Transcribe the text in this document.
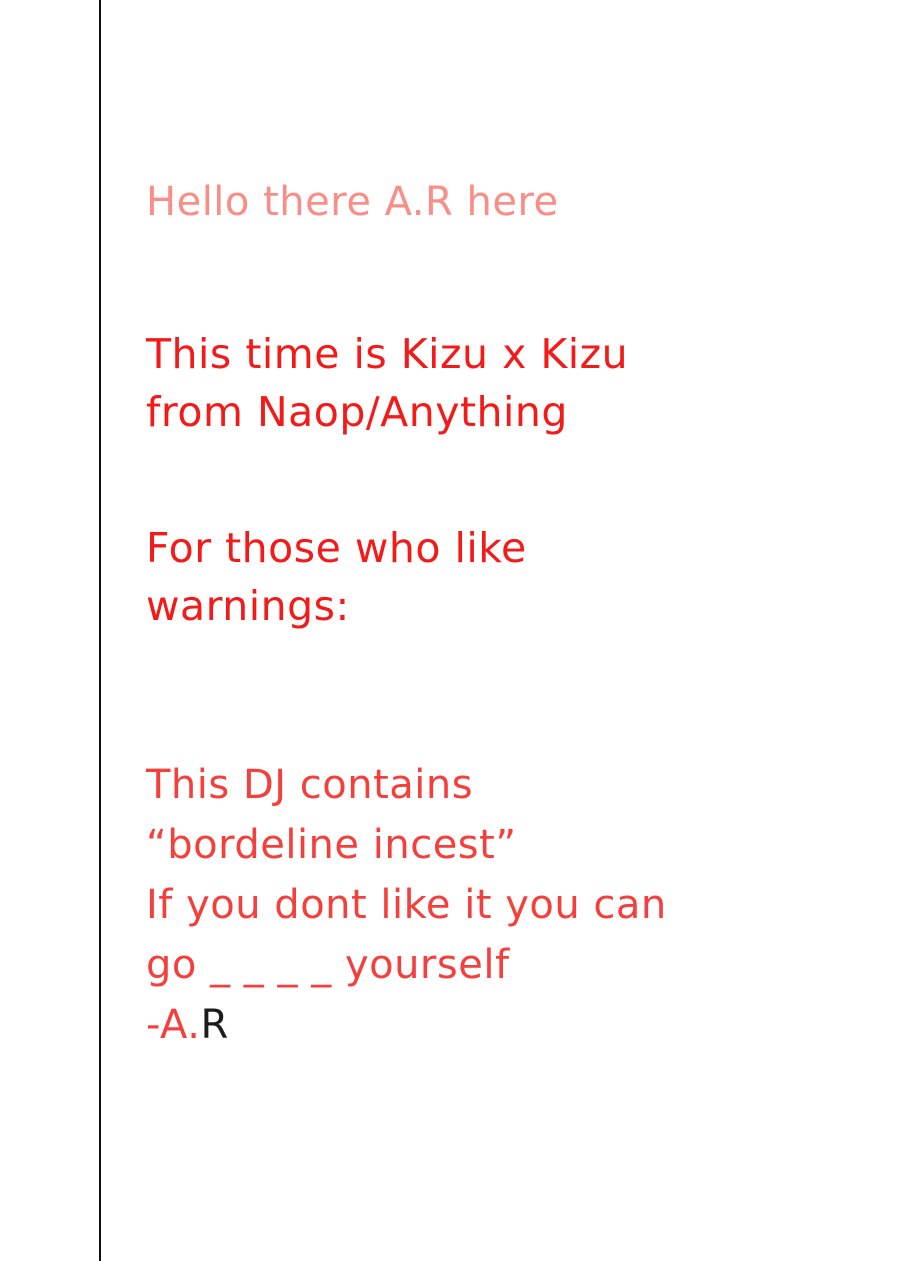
Hello there A.R here

This time is Kizu x Kizu

from Naop/Anything

For those who like

warnings:

This DJ contains

“bordeline incest”

If you dont like it you can

go _ _ _ _ yourself

-A.R
